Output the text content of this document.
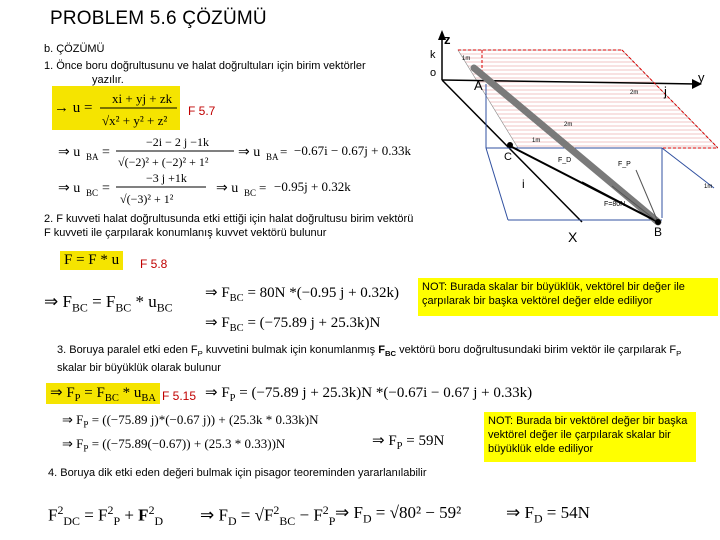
PROBLEM 5.6 ÇÖZÜMÜ
b. ÇÖZÜMÜ
1. Önce boru doğrultusunu ve halat doğrultuları için birim vektörler
yazılır.
→ u =
xi + yj + zk
√x² + y² + z²
F 5.7
⇒ u BA =
−2i − 2 j −1k
√(−2)² + (−2)² + 1²
⇒ u BA = −0.67i − 0.67j + 0.33k
⇒ u BC =
−3 j +1k
√(−3)² + 1²
⇒ u BC = −0.95j + 0.32k
2. F kuvveti halat doğrultusunda etki ettiği için halat doğrultusu birim vektörü F kuvveti ile çarpılarak konumlanış kuvvet vektörü bulunur
F = F * u	F 5.8
⇒ $F_{BC} = F_{BC} * u_{BC}$
⇒ $F_{BC} = 80N$ *(−0.95 j + 0.32k)
⇒ $F_{BC} = (-75.89$ j + 25.3k)N
NOT: Burada skalar bir büyüklük, vektörel bir değer ile çarpılarak bir başka vektörel değer elde ediliyor
3. Boruya paralel etki eden $F_P$ kuvvetini bulmak için konumlanmış $F_{BC}$ vektörü boru doğrultusundaki birim vektör ile çarpılarak $F_P$ skalar bir büyüklük olarak bulunur
⇒ $F_P = F_{BC} * u_{BA}$ F 5.15 ⇒ $F_P = (-75.89$ j + 25.3k)N *(−0.67i − 0.67 j + 0.33k)
⇒ $F_P = ((-75.89$ j)*(−0.67 j)) + (25.3k * 0.33k)N
⇒ $F_P = ((-75.89(-0.67)) + (25.3 * 0.33))N$	⇒ $F_P = 59N$
NOT: Burada bir vektörel değer bir başka vektörel değer ile çarpılarak skalar bir büyüklük elde ediliyor
4. Boruya dik etki eden değeri bulmak için pisagor teoreminden yararlanılabilir
$F^2_{DC} = F^2_P + F^2_D$ ⇒ $F_D = √F^2_{BC} - F^2_P$ ⇒ $F_D = √80^2 - 59^2$	⇒ $F_D = 54N$
z
k
o
A
y
j
C
i
X	B
F_D
F_P
F=80N
1m
2m
2m
1m
1m
